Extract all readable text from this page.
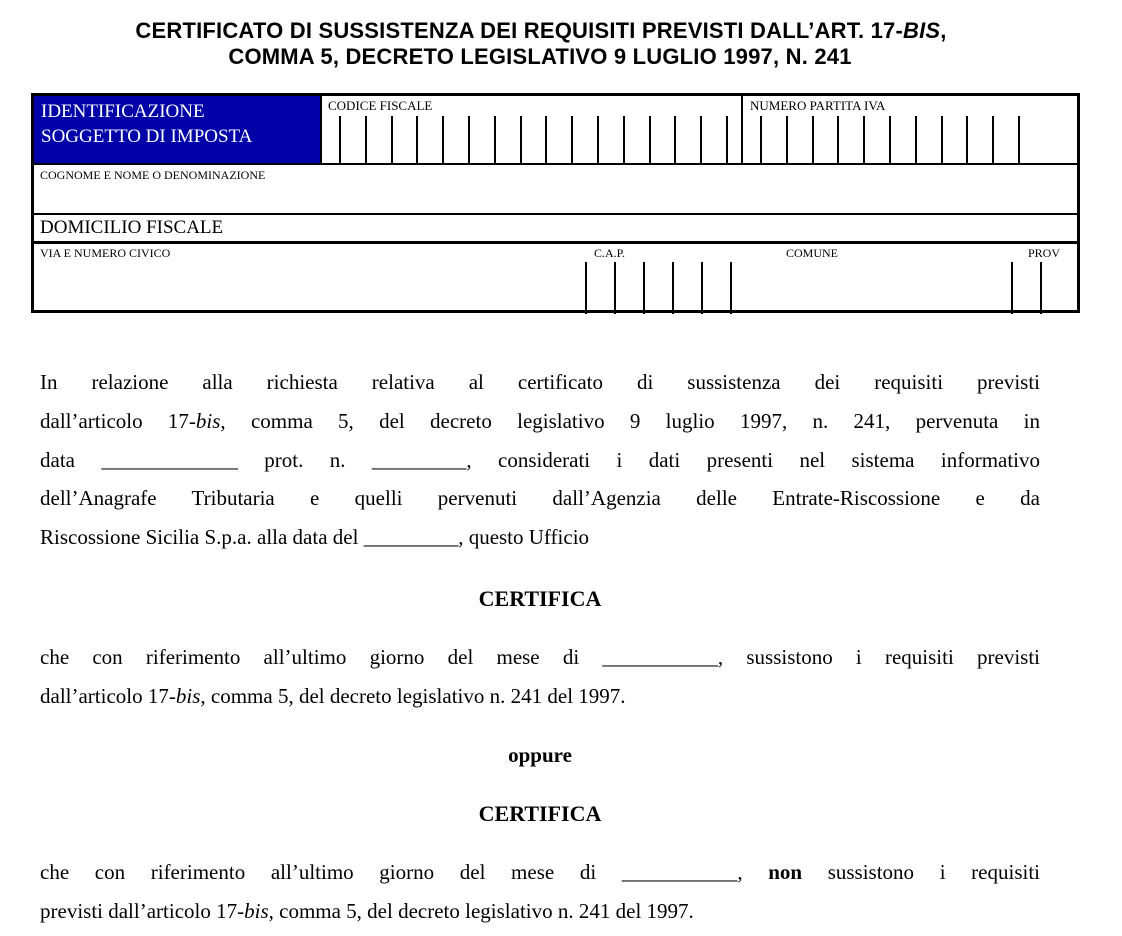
CERTIFICATO DI SUSSISTENZA DEI REQUISITI PREVISTI DALL’ART. 17-BIS,
COMMA 5, DECRETO LEGISLATIVO 9 LUGLIO 1997, N. 241
IDENTIFICAZIONE
SOGGETTO DI IMPOSTA
CODICE FISCALE	NUMERO PARTITA IVA
COGNOME E NOME O DENOMINAZIONE
DOMICILIO FISCALE
VIA E NUMERO CIVICO	C.A.P.	COMUNE	PROV
In relazione alla richiesta relativa al certificato di sussistenza dei requisiti previsti
dall’articolo 17-bis, comma 5, del decreto legislativo 9 luglio 1997, n. 241, pervenuta in
data _____________ prot. n. _________, considerati i dati presenti nel sistema informativo
dell’Anagrafe Tributaria e quelli pervenuti dall’Agenzia delle Entrate-Riscossione e da
Riscossione Sicilia S.p.a. alla data del _________, questo Ufficio
CERTIFICA
che con riferimento all’ultimo giorno del mese di ___________, sussistono i requisiti previsti
dall’articolo 17-bis, comma 5, del decreto legislativo n. 241 del 1997.
oppure
CERTIFICA
che con riferimento all’ultimo giorno del mese di ___________, non sussistono i requisiti
previsti dall’articolo 17-bis, comma 5, del decreto legislativo n. 241 del 1997.
